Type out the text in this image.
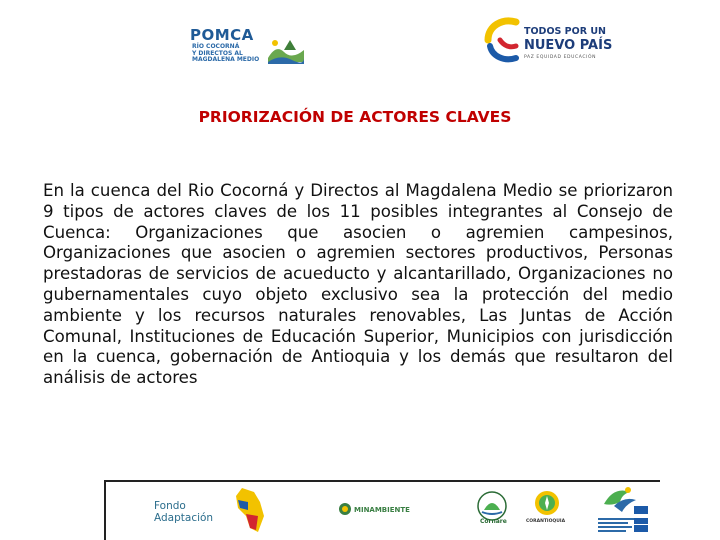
POMCA
RÍO COCORNÁ
Y DIRECTOS AL
MAGDALENA MEDIO
TODOS POR UN
NUEVO PAÍS
PAZ EQUIDAD EDUCACIÓN
PRIORIZACIÓN DE ACTORES CLAVES
En la cuenca del Rio Cocorná y Directos al Magdalena Medio se priorizaron 9 tipos de actores claves de los 11 posibles integrantes al Consejo de Cuenca: Organizaciones que asocien o agremien campesinos, Organizaciones que asocien o agremien sectores productivos, Personas prestadoras de servicios de acueducto y alcantarillado, Organizaciones no gubernamentales cuyo objeto exclusivo sea la protección del medio ambiente y los recursos naturales renovables, Las Juntas de Acción Comunal, Instituciones de Educación Superior, Municipios con jurisdicción en la cuenca, gobernación de Antioquia y los demás que resultaron del análisis de actores
Fondo
Adaptación
MINAMBIENTE
Cornare	CORANTIOQUIA
